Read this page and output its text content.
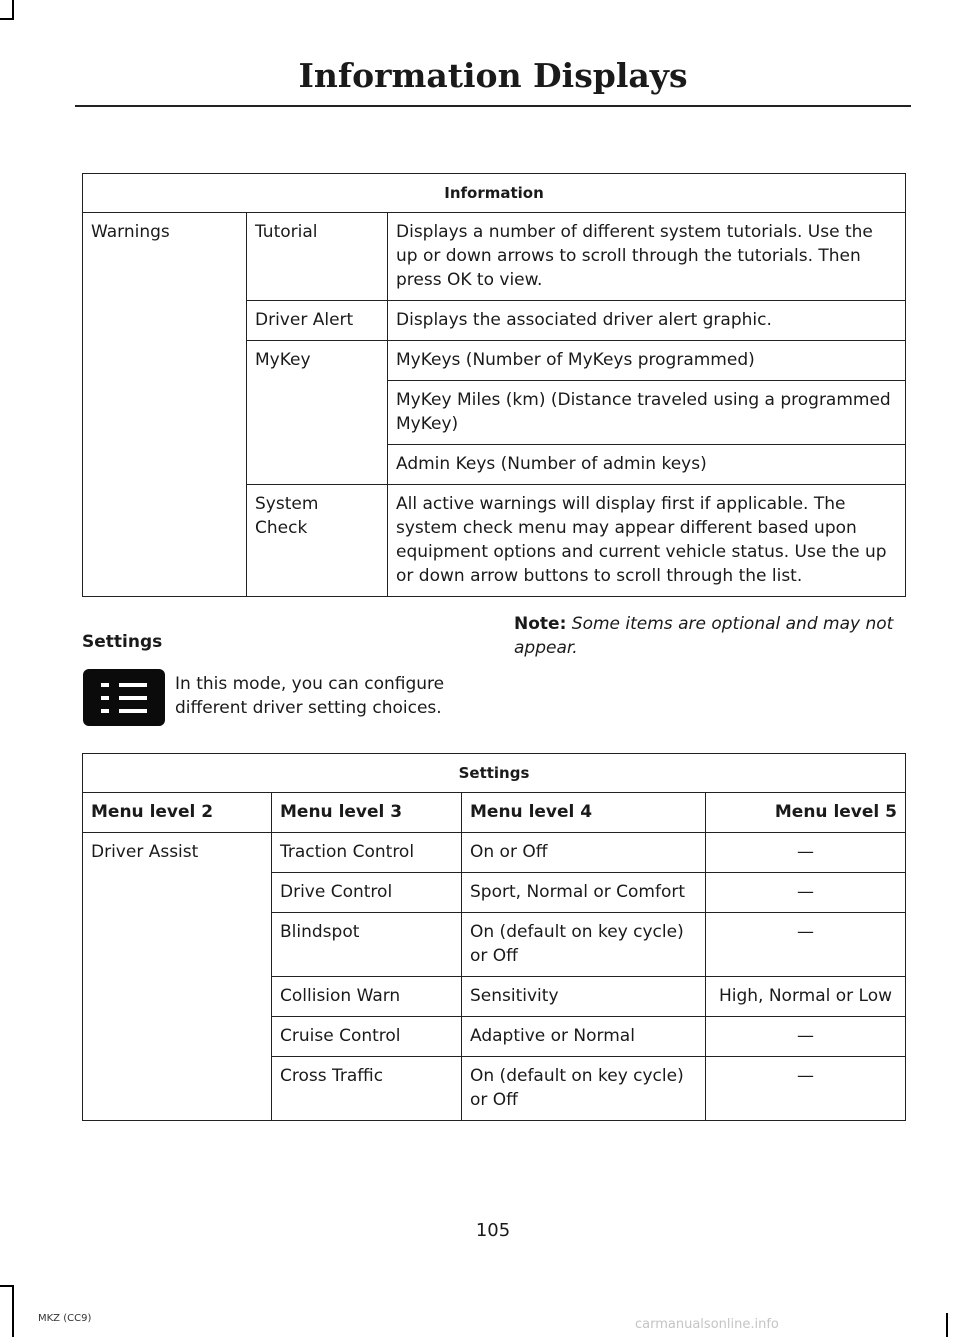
Information Displays
Information		
Warnings	Tutorial	Displays a number of different system tutorials. Use the up or down arrows to scroll through the tutorials. Then press OK to view.
	Driver Alert	Displays the associated driver alert graphic.
	MyKey	MyKeys (Number of MyKeys programmed)
		MyKey Miles (km) (Distance traveled using a programmed MyKey)
		Admin Keys (Number of admin keys)
	System Check	All active warnings will display first if applicable. The system check menu may appear different based upon equipment options and current vehicle status. Use the up or down arrow buttons to scroll through the list.
Settings
In this mode, you can configure different driver setting choices.
Note: Some items are optional and may not appear.
Settings			
Menu level 2	Menu level 3	Menu level 4	Menu level 5
Driver Assist	Traction Control	On or Off	—
	Drive Control	Sport, Normal or Comfort	—
	Blindspot	On (default on key cycle) or Off	—
	Collision Warn	Sensitivity	High, Normal or Low
	Cruise Control	Adaptive or Normal	—
	Cross Traffic	On (default on key cycle) or Off	—
105
MKZ (CC9)	carmanualsonline.info
